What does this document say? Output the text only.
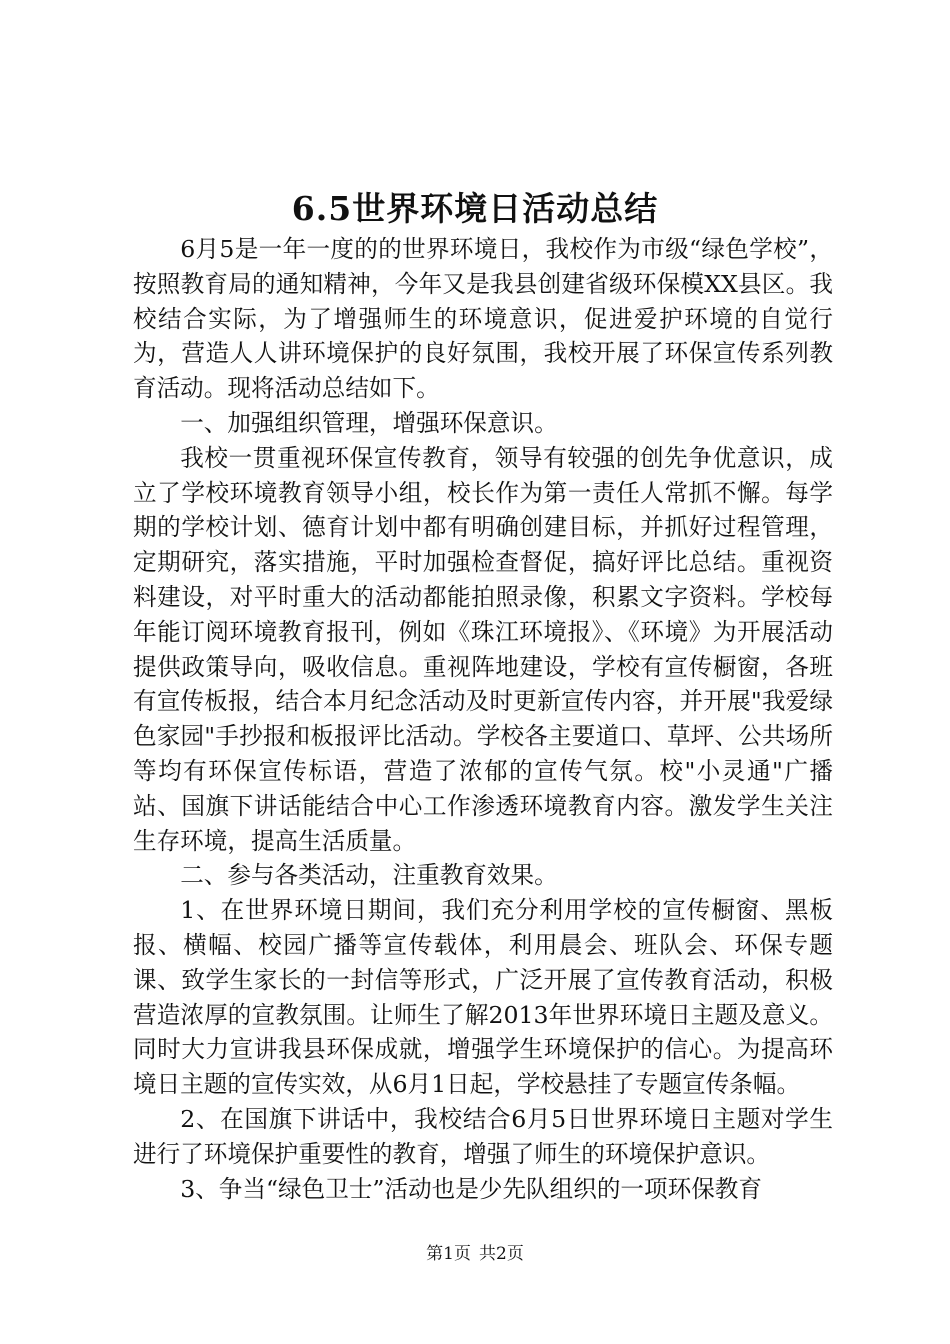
6.5世界环境日活动总结

6月5是一年一度的的世界环境日，我校作为市级“绿色学校”，按照教育局的通知精神，今年又是我县创建省级环保模XX县区。我校结合实际，为了增强师生的环境意识，促进爱护环境的自觉行为，营造人人讲环境保护的良好氛围，我校开展了环保宣传系列教育活动。现将活动总结如下。

一、加强组织管理，增强环保意识。

我校一贯重视环保宣传教育，领导有较强的创先争优意识，成立了学校环境教育领导小组，校长作为第一责任人常抓不懈。每学期的学校计划、德育计划中都有明确创建目标，并抓好过程管理，定期研究，落实措施，平时加强检查督促，搞好评比总结。重视资料建设，对平时重大的活动都能拍照录像，积累文字资料。学校每年能订阅环境教育报刊，例如《珠江环境报》、《环境》为开展活动提供政策导向，吸收信息。重视阵地建设，学校有宣传橱窗，各班有宣传板报，结合本月纪念活动及时更新宣传内容，并开展"我爱绿色家园"手抄报和板报评比活动。学校各主要道口、草坪、公共场所等均有环保宣传标语，营造了浓郁的宣传气氛。校"小灵通"广播站、国旗下讲话能结合中心工作渗透环境教育内容。激发学生关注生存环境，提高生活质量。

二、参与各类活动，注重教育效果。

1、在世界环境日期间，我们充分利用学校的宣传橱窗、黑板报、横幅、校园广播等宣传载体，利用晨会、班队会、环保专题课、致学生家长的一封信等形式，广泛开展了宣传教育活动，积极营造浓厚的宣教氛围。让师生了解2013年世界环境日主题及意义。同时大力宣讲我县环保成就，增强学生环境保护的信心。为提高环境日主题的宣传实效，从6月1日起，学校悬挂了专题宣传条幅。

2、在国旗下讲话中，我校结合6月5日世界环境日主题对学生进行了环境保护重要性的教育，增强了师生的环境保护意识。

3、争当“绿色卫士”活动也是少先队组织的一项环保教育

第1页 共2页
